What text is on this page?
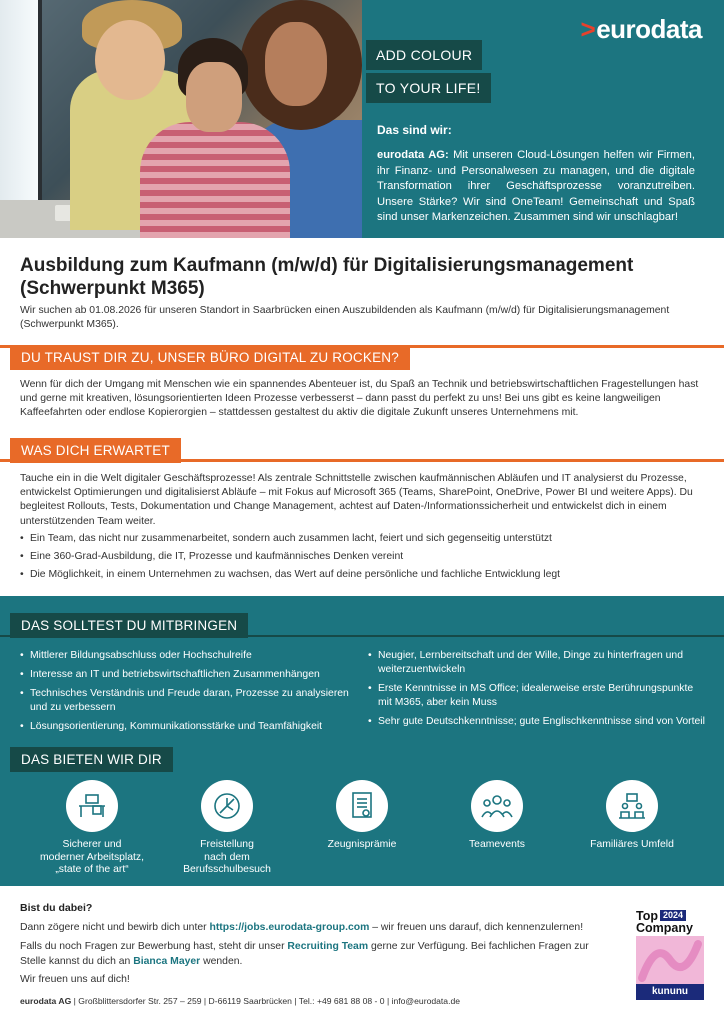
>eurodata
ADD COLOUR
TO YOUR LIFE!
Das sind wir:
eurodata AG: Mit unseren Cloud-Lösungen helfen wir Firmen, ihr Finanz- und Personalwesen zu managen, und die digitale Transformation ihrer Geschäftsprozesse voranzutreiben. Unsere Stärke? Wir sind OneTeam! Gemeinschaft und Spaß sind unser Markenzeichen. Zusammen sind wir unschlagbar!
Ausbildung zum Kaufmann (m/w/d) für Digitalisierungsmanagement
(Schwerpunkt M365)
Wir suchen ab 01.08.2026 für unseren Standort in Saarbrücken einen Auszubildenden als Kaufmann (m/w/d) für Digitalisierungsmanagement (Schwerpunkt M365).
DU TRAUST DIR ZU, UNSER BÜRO DIGITAL ZU ROCKEN?
Wenn für dich der Umgang mit Menschen wie ein spannendes Abenteuer ist, du Spaß an Technik und betriebswirtschaftlichen Fragestellungen hast und gerne mit kreativen, lösungsorientierten Ideen Prozesse verbesserst – dann passt du perfekt zu uns! Bei uns gibt es keine langweiligen Kaffeefahrten oder endlose Kopierorgien – stattdessen gestaltest du aktiv die digitale Zukunft unseres Unternehmens mit.
WAS DICH ERWARTET
Tauche ein in die Welt digitaler Geschäftsprozesse! Als zentrale Schnittstelle zwischen kaufmännischen Abläufen und IT analysierst du Prozesse, entwickelst Optimierungen und digitalisierst Abläufe – mit Fokus auf Microsoft 365 (Teams, SharePoint, OneDrive, Power BI und weitere Apps). Du begleitest Rollouts, Tests, Dokumentation und Change Management, achtest auf Daten-/Informationssicherheit und entwickelst dich in einem unterstützenden Team weiter.
• Ein Team, das nicht nur zusammenarbeitet, sondern auch zusammen lacht, feiert und sich gegenseitig unterstützt
• Eine 360-Grad-Ausbildung, die IT, Prozesse und kaufmännisches Denken vereint
• Die Möglichkeit, in einem Unternehmen zu wachsen, das Wert auf deine persönliche und fachliche Entwicklung legt
DAS SOLLTEST DU MITBRINGEN
• Mittlerer Bildungsabschluss oder Hochschulreife
• Interesse an IT und betriebswirtschaftlichen Zusammenhängen
• Technisches Verständnis und Freude daran, Prozesse zu analysieren und zu verbessern
• Lösungsorientierung, Kommunikationsstärke und Teamfähigkeit
• Neugier, Lernbereitschaft und der Wille, Dinge zu hinterfragen und weiterzuentwickeln
• Erste Kenntnisse in MS Office; idealerweise erste Berührungspunkte mit M365, aber kein Muss
• Sehr gute Deutschkenntnisse; gute Englischkenntnisse sind von Vorteil
DAS BIETEN WIR DIR
Sicherer und
moderner Arbeitsplatz,
„state of the art“
Freistellung
nach dem
Berufsschulbesuch
Zeugnisprämie	Teamevents	Familiäres Umfeld
Bist du dabei?
Dann zögere nicht und bewirb dich unter https://jobs.eurodata-group.com – wir freuen uns darauf, dich kennenzulernen!
Falls du noch Fragen zur Bewerbung hast, steht dir unser Recruiting Team gerne zur Verfügung. Bei fachlichen Fragen zur Stelle kannst du dich an Bianca Mayer wenden.
Wir freuen uns auf dich!
eurodata AG | Großblittersdorfer Str. 257 – 259 | D-66119 Saarbrücken | Tel.: +49 681 88 08 - 0 | info@eurodata.de
Top 2024
Company
kununu
